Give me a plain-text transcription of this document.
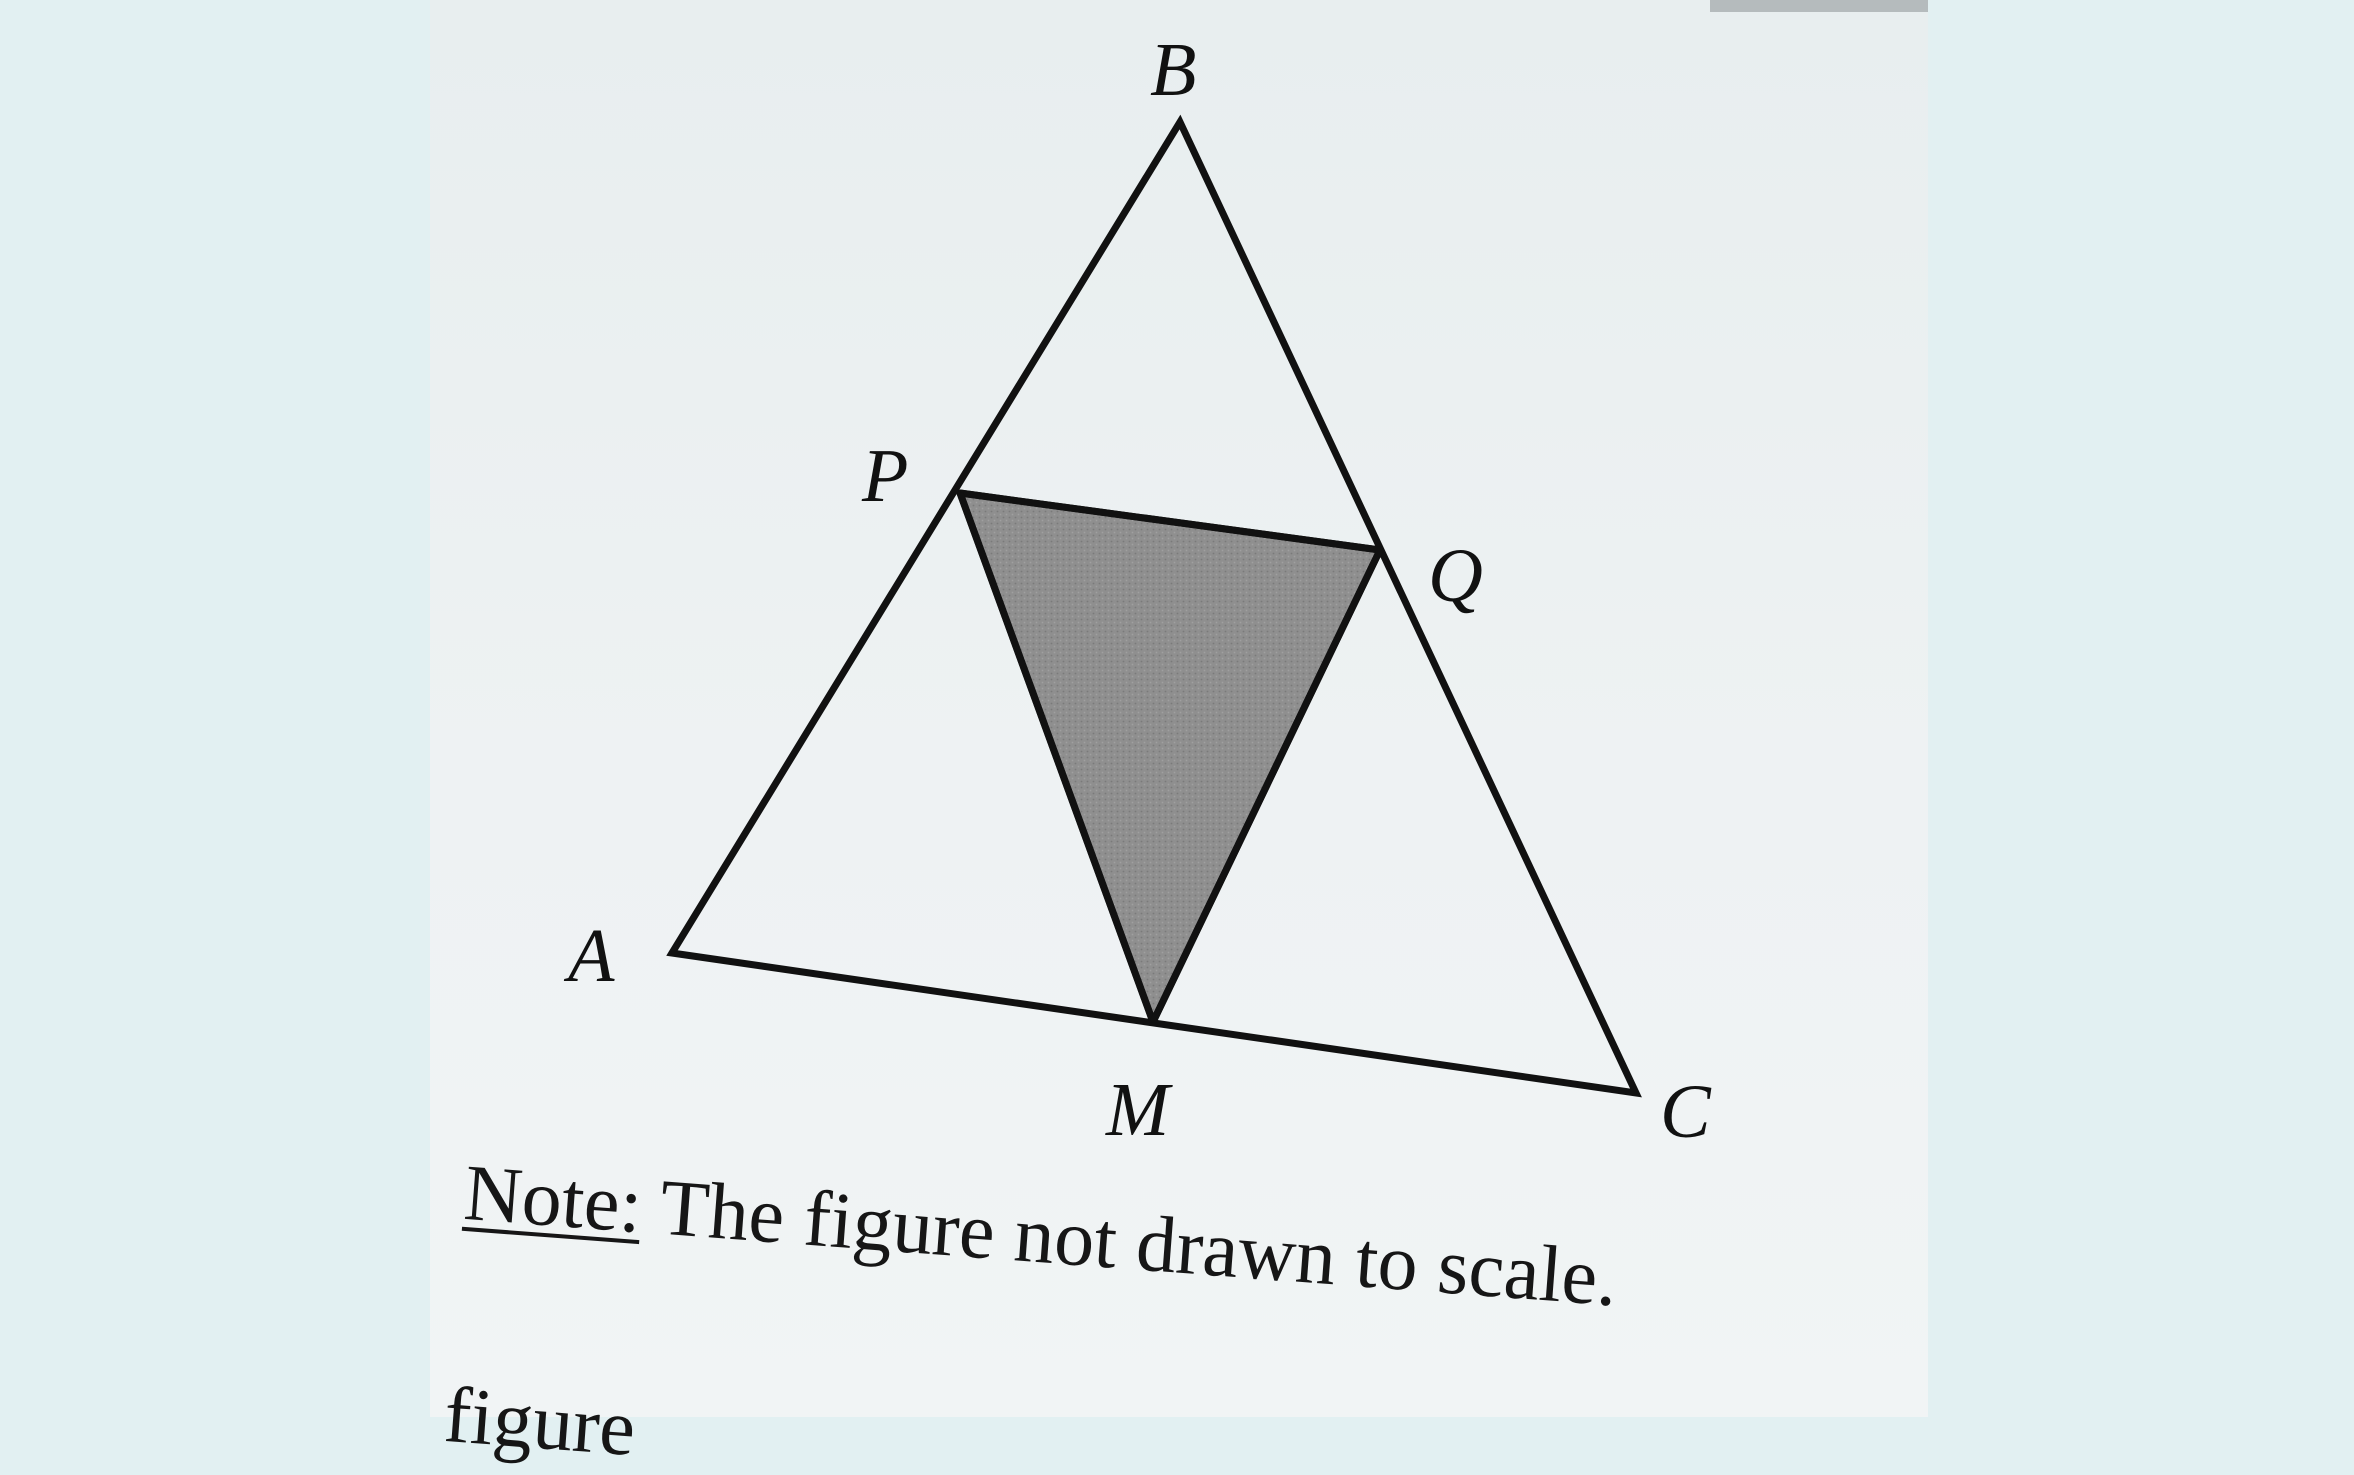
B
P
Q
A
M	C
Note: The figure not drawn to scale.
figure
